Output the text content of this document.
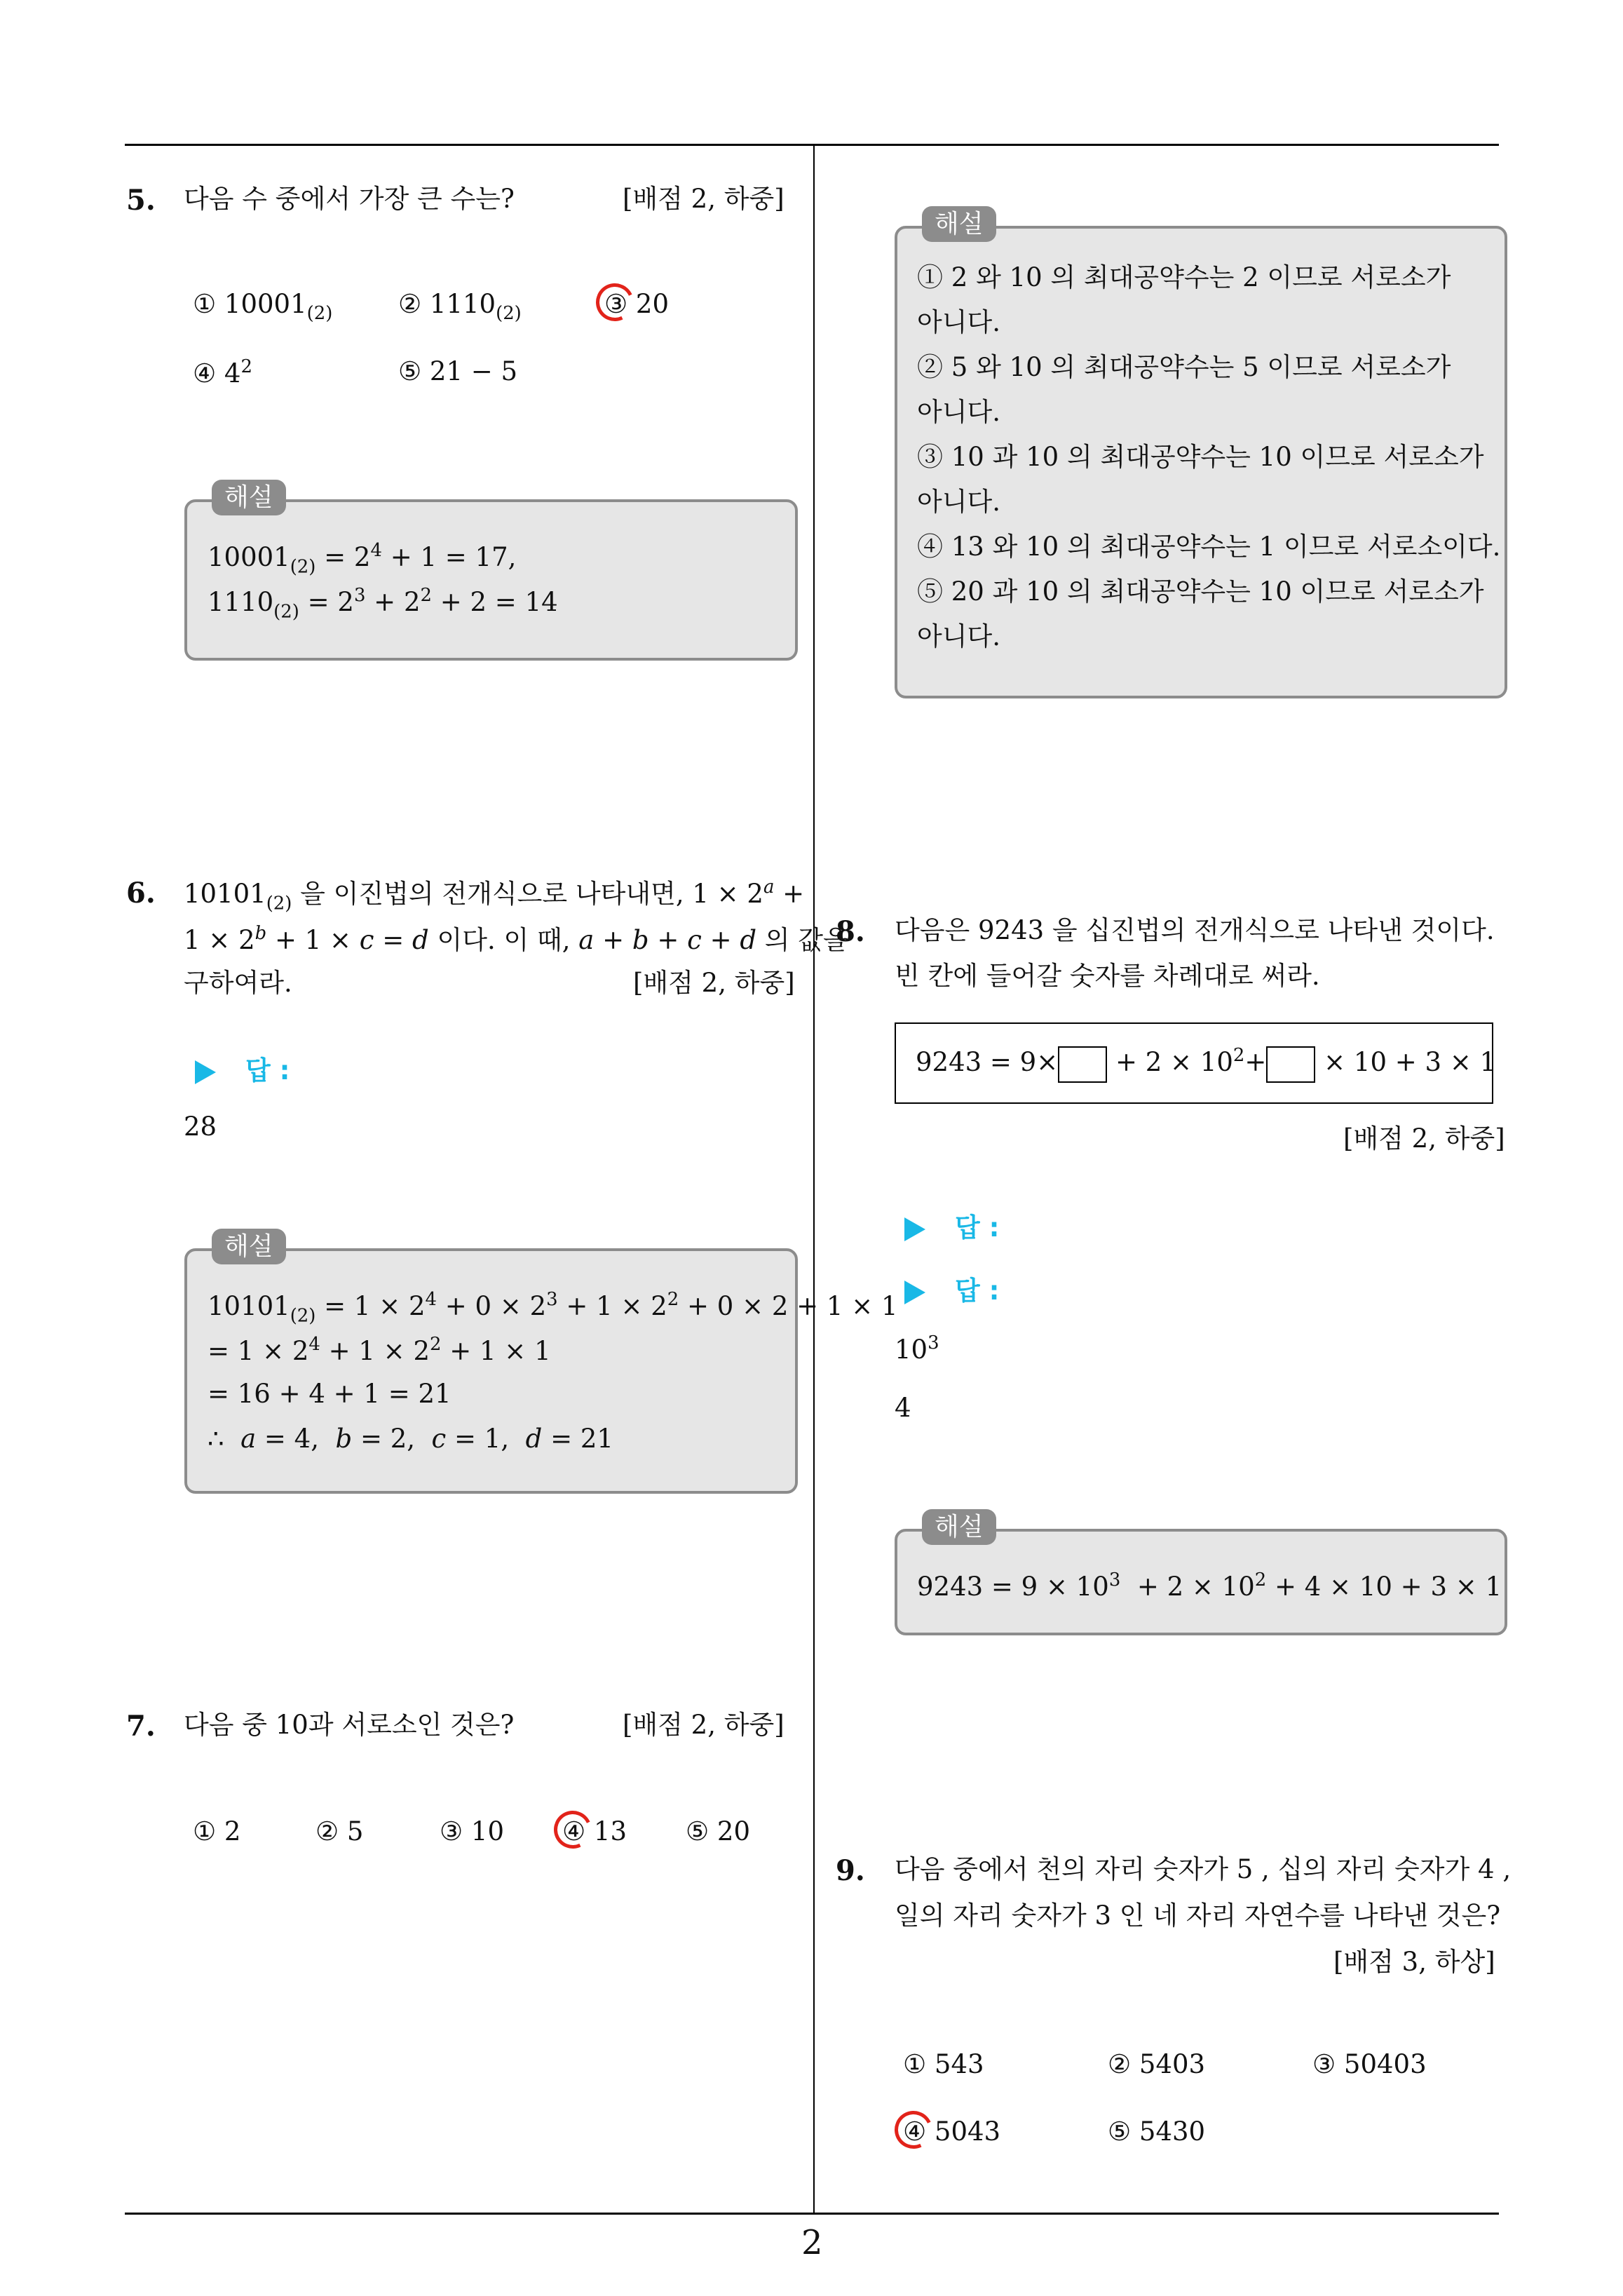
2
5. 다음 수 중에서 가장 큰 수는?	[배점 2, 하중]
① $10001_{(2)}$	② $1110_{(2)}$	③ 20
④ $4^2$	⑤ 21 − 5
해설
$10001_{(2)} = 2^4 + 1 = 17$,
$1110_{(2)} = 2^3 + 2^2 + 2 = 14$
6. $10101_{(2)}$ 을 이진법의 전개식으로 나타내면, $1 \times 2^a$ +
$1 \times 2^b + 1 \times c = d$ 이다. 이 때, a + b + c + d 의 값을
구하여라.	[배점 2, 하중]
답 :
28
해설
$10101_{(2)} = 1 \times 2^4 + 0 \times 2^3 + 1 \times 2^2 + 0 \times 2 + 1 \times 1$
= $1 \times 2^4 + 1 \times 2^2 + 1 \times 1$
= 16 + 4 + 1 = 21
∴  a = 4,  b = 2,  c = 1,  d = 21
7. 다음 중 10과 서로소인 것은?	[배점 2, 하중]
① 2	② 5	③ 10 ④ 13 ⑤ 20
해설
① 2 와 10 의 최대공약수는 2 이므로 서로소가
아니다.
② 5 와 10 의 최대공약수는 5 이므로 서로소가
아니다.
③ 10 과 10 의 최대공약수는 10 이므로 서로소가
아니다.
④ 13 와 10 의 최대공약수는 1 이므로 서로소이다.
⑤ 20 과 10 의 최대공약수는 10 이므로 서로소가
아니다.
8. 다음은 9243 을 십진법의 전개식으로 나타낸 것이다.
빈 칸에 들어갈 숫자를 차례대로 써라.
$9243 = 9\times + 2 \times 10^2+ \times 10 + 3 \times 1$
[배점 2, 하중]
답 :
답 :
$10^3$
4
해설
$9243 = 9 \times 10^3 + 2 \times 10^2 + 4 \times 10 + 3 \times 1$
9. 다음 중에서 천의 자리 숫자가 5 , 십의 자리 숫자가 4 ,
일의 자리 숫자가 3 인 네 자리 자연수를 나타낸 것은?
[배점 3, 하상]
① 543	② 5403	③ 50403
④ 5043	⑤ 5430
